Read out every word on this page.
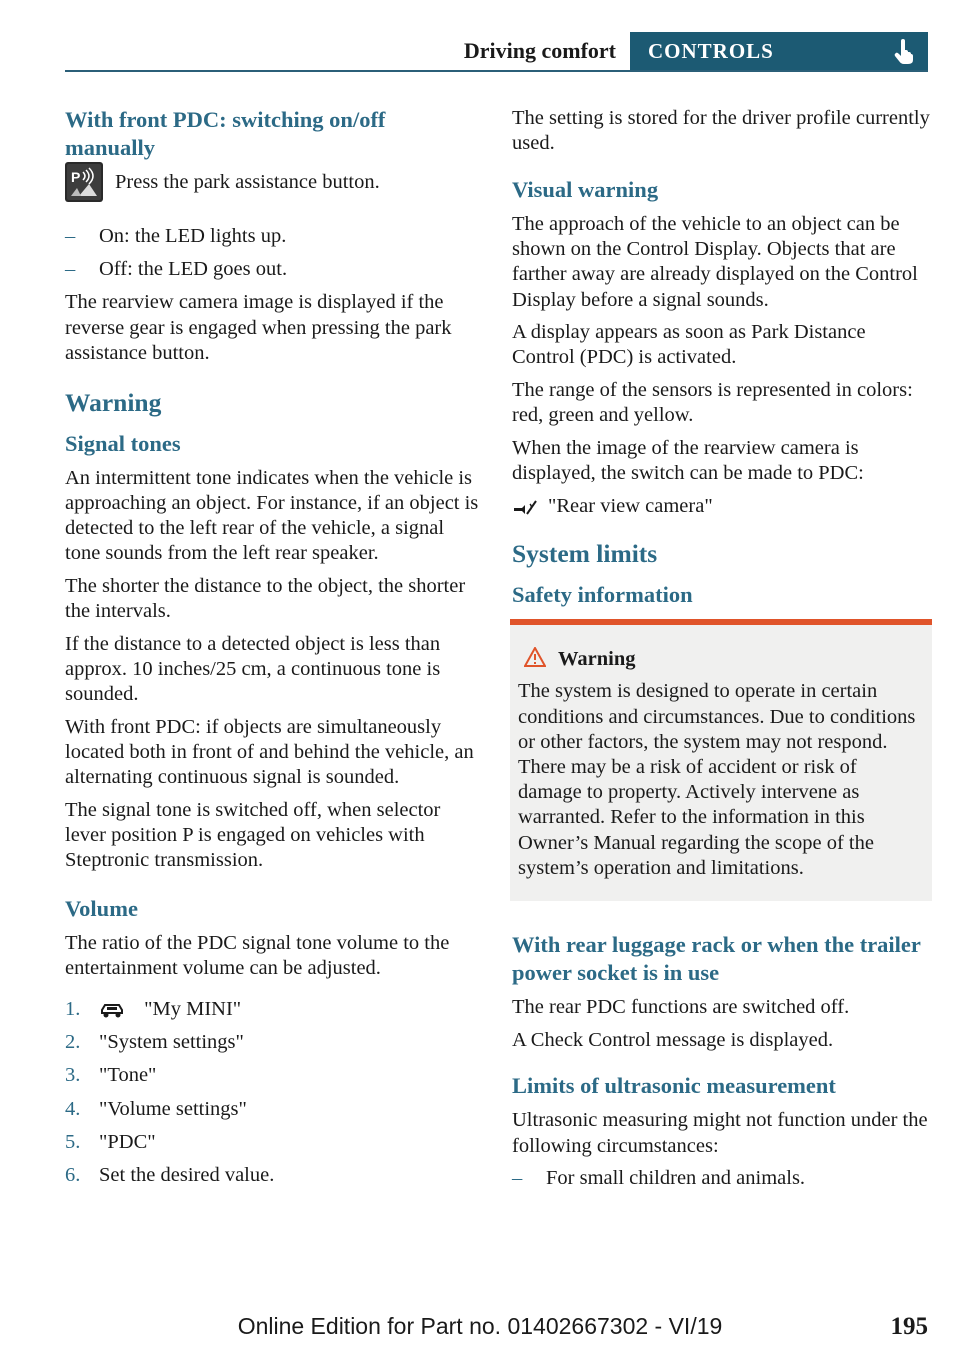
Driving comfort CONTROLS
With front PDC: switching on/off manually
P Press the park assistance button.
– On: the LED lights up.
– Off: the LED goes out.

The rearview camera image is displayed if the reverse gear is engaged when pressing the park assistance button.

Warning
Signal tones

An intermittent tone indicates when the vehicle is approaching an object. For instance, if an object is detected to the left rear of the vehicle, a signal tone sounds from the left rear speaker.

The shorter the distance to the object, the shorter the intervals.

If the distance to a detected object is less than approx. 10 inches/25 cm, a continuous tone is sounded.

With front PDC: if objects are simultaneously located both in front of and behind the vehicle, an alternating continuous signal is sounded.

The signal tone is switched off, when selector lever position P is engaged on vehicles with Steptronic transmission.

Volume

The ratio of the PDC signal tone volume to the entertainment volume can be adjusted.

1.	"My MINI"
2. "System settings"
3. "Tone"
4. "Volume settings"
5. "PDC"
6. Set the desired value.

The setting is stored for the driver profile currently used.

Visual warning

The approach of the vehicle to an object can be shown on the Control Display. Objects that are farther away are already displayed on the Control Display before a signal sounds.

A display appears as soon as Park Distance Control (PDC) is activated.

The range of the sensors is represented in colors: red, green and yellow.

When the image of the rearview camera is displayed, the switch can be made to PDC:

"Rear view camera"
System limits
Safety information
Warning
The system is designed to operate in certain conditions and circumstances. Due to conditions or other factors, the system may not respond. There may be a risk of accident or risk of damage to property. Actively intervene as warranted. Refer to the information in this Owner’s Manual regarding the scope of the system’s operation and limitations.
With rear luggage rack or when the trailer power socket is in use

The rear PDC functions are switched off.

A Check Control message is displayed.

Limits of ultrasonic measurement

Ultrasonic measuring might not function under the following circumstances:

– For small children and animals.
Online Edition for Part no. 01402667302 - VI/19	195
